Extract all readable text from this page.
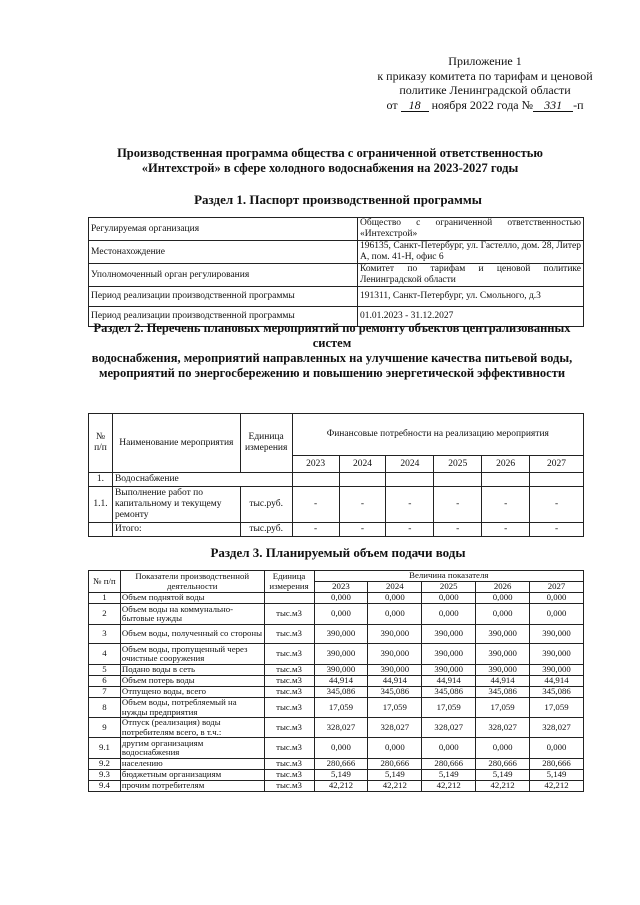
Приложение 1
к приказу комитета по тарифам и ценовой
политике Ленинградской области
от 18 ноября 2022 года № 331 -п
Производственная программа общества с ограниченной ответственностью
«Интехстрой» в сфере холодного водоснабжения на 2023-2027 годы
Раздел 1. Паспорт производственной программы
Регулируемая организация	Общество с ограниченной ответственностью «Интехстрой»
Местонахождение	196135, Санкт-Петербург, ул. Гастелло, дом. 28, Литер А, пом. 41-Н, офис 6
Уполномоченный орган регулирования	Комитет по тарифам и ценовой политике Ленинградской области
Период реализации производственной программы	191311, Санкт-Петербург, ул. Смольного, д.3
Период реализации производственной программы	01.01.2023 - 31.12.2027
Раздел 2. Перечень плановых мероприятий по ремонту объектов централизованных систем
водоснабжения, мероприятий направленных на улучшение качества питьевой воды,
мероприятий по энергосбережению и повышению энергетической эффективности
№ п/п	Наименование мероприятия	Единица измерения	Финансовые потребности на реализацию мероприятия					
			2023	2024	2024	2025	2026	2027
1.	Водоснабжение							
1.1.	Выполнение работ по капитальному и текущему ремонту	тыс.руб.	-	-	-	-	-	-
	Итого:	тыс.руб.	-	-	-	-	-	-
Раздел 3. Планируемый объем подачи воды
№ п/п	Показатели производственной деятельности	Единица измерения	Величина показателя				
			2023	2024	2025	2026	2027
1	Объем поднятой воды		0,000	0,000	0,000	0,000	0,000
2	Объем воды на коммунально-бытовые нужды	тыс.м3	0,000	0,000	0,000	0,000	0,000
3	Объем воды, полученный со стороны	тыс.м3	390,000	390,000	390,000	390,000	390,000
4	Объем воды, пропущенный через очистные сооружения	тыс.м3	390,000	390,000	390,000	390,000	390,000
5	Подано воды в сеть	тыс.м3	390,000	390,000	390,000	390,000	390,000
6	Объем потерь воды	тыс.м3	44,914	44,914	44,914	44,914	44,914
7	Отпущено воды, всего	тыс.м3	345,086	345,086	345,086	345,086	345,086
8	Объем воды, потребляемый на нужды предприятия	тыс.м3	17,059	17,059	17,059	17,059	17,059
9	Отпуск (реализация) воды потребителям всего, в т.ч.:	тыс.м3	328,027	328,027	328,027	328,027	328,027
9.1	другим организациям водоснабжения	тыс.м3	0,000	0,000	0,000	0,000	0,000
9.2	населению	тыс.м3	280,666	280,666	280,666	280,666	280,666
9.3	бюджетным организациям	тыс.м3	5,149	5,149	5,149	5,149	5,149
9.4	прочим потребителям	тыс.м3	42,212	42,212	42,212	42,212	42,212
